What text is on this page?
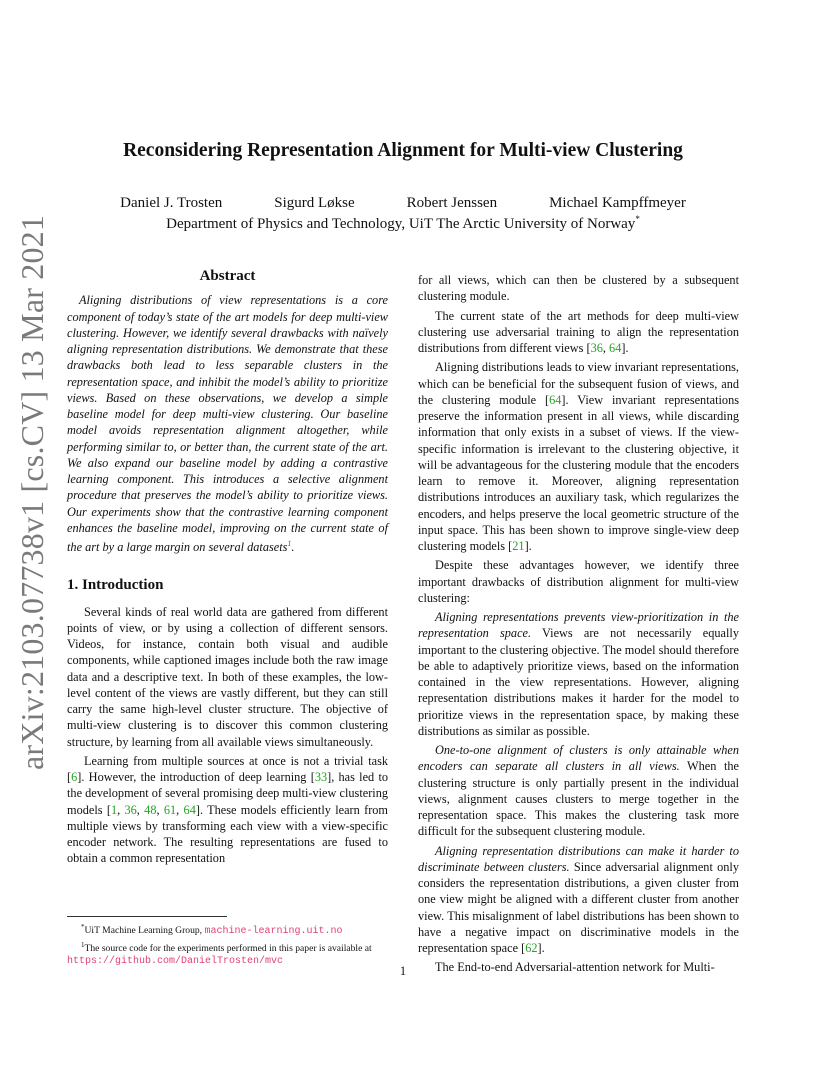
arXiv:2103.07738v1 [cs.CV] 13 Mar 2021
Reconsidering Representation Alignment for Multi-view Clustering
Daniel J. Trosten	Sigurd Løkse	Robert Jenssen	Michael Kampffmeyer
Department of Physics and Technology, UiT The Arctic University of Norway*
Abstract

Aligning distributions of view representations is a core component of today’s state of the art models for deep multi-view clustering. However, we identify several drawbacks with naïvely aligning representation distributions. We demonstrate that these drawbacks both lead to less separable clusters in the representation space, and inhibit the model’s ability to prioritize views. Based on these observations, we develop a simple baseline model for deep multi-view clustering. Our baseline model avoids representation alignment altogether, while performing similar to, or better than, the current state of the art. We also expand our baseline model by adding a contrastive learning component. This introduces a selective alignment procedure that preserves the model’s ability to prioritize views. Our experiments show that the contrastive learning component enhances the baseline model, improving on the current state of the art by a large margin on several datasets$^1$.

1. Introduction

Several kinds of real world data are gathered from different points of view, or by using a collection of different sensors. Videos, for instance, contain both visual and audible components, while captioned images include both the raw image data and a descriptive text. In both of these examples, the low-level content of the views are vastly different, but they can still carry the same high-level cluster structure. The objective of multi-view clustering is to discover this common clustering structure, by learning from all available views simultaneously.

Learning from multiple sources at once is not a trivial task [6]. However, the introduction of deep learning [33], has led to the development of several promising deep multi-view clustering models [1, 36, 48, 61, 64]. These models efficiently learn from multiple views by transforming each view with a view-specific encoder network. The resulting representations are fused to obtain a common representation

*UiT Machine Learning Group, machine-learning.uit.no
$^1$The source code for the experiments performed in this paper is available at https://github.com/DanielTrosten/mvc

for all views, which can then be clustered by a subsequent clustering module.

The current state of the art methods for deep multi-view clustering use adversarial training to align the representation distributions from different views [36, 64].

Aligning distributions leads to view invariant representations, which can be beneficial for the subsequent fusion of views, and the clustering module [64]. View invariant representations preserve the information present in all views, while discarding information that only exists in a subset of views. If the view-specific information is irrelevant to the clustering objective, it will be advantageous for the clustering module that the encoders learn to remove it. Moreover, aligning representation distributions introduces an auxiliary task, which regularizes the encoders, and helps preserve the local geometric structure of the input space. This has been shown to improve single-view deep clustering models [21].

Despite these advantages however, we identify three important drawbacks of distribution alignment for multi-view clustering:

Aligning representations prevents view-prioritization in the representation space. Views are not necessarily equally important to the clustering objective. The model should therefore be able to adaptively prioritize views, based on the information contained in the view representations. However, aligning representation distributions makes it harder for the model to prioritize views in the representation space, by making these distributions as similar as possible.

One-to-one alignment of clusters is only attainable when encoders can separate all clusters in all views. When the clustering structure is only partially present in the individual views, alignment causes clusters to merge together in the representation space. This makes the clustering task more difficult for the subsequent clustering module.

Aligning representation distributions can make it harder to discriminate between clusters. Since adversarial alignment only considers the representation distributions, a given cluster from one view might be aligned with a different cluster from another view. This misalignment of label distributions has been shown to have a negative impact on discriminative models in the representation space [62].

The End-to-end Adversarial-attention network for Multi-

1
